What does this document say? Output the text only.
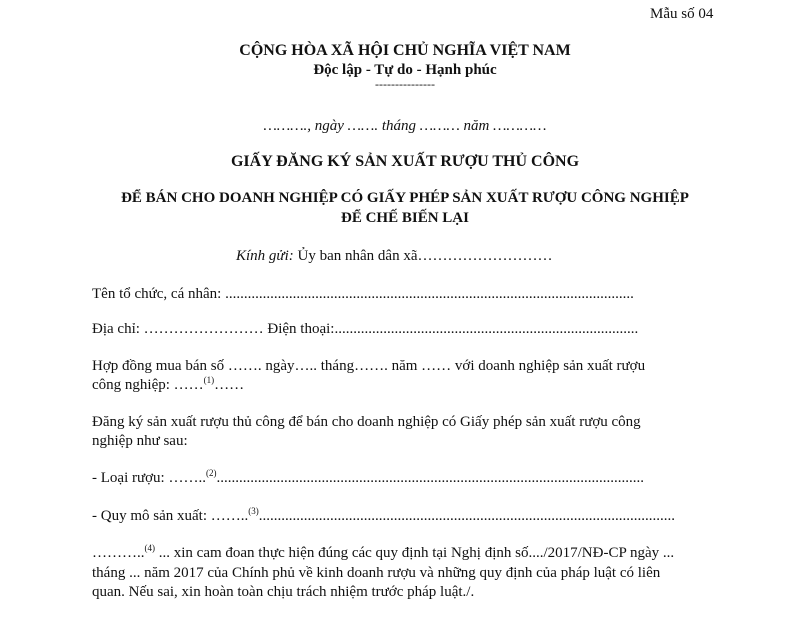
Mẫu số 04
CỘNG HÒA XÃ HỘI CHỦ NGHĨA VIỆT NAM
Độc lập - Tự do - Hạnh phúc
---------------
………., ngày ……. tháng ……… năm …………
GIẤY ĐĂNG KÝ SẢN XUẤT RƯỢU THỦ CÔNG
ĐỂ BÁN CHO DOANH NGHIỆP CÓ GIẤY PHÉP SẢN XUẤT RƯỢU CÔNG NGHIỆP
ĐỂ CHẾ BIẾN LẠI
Kính gửi: Ủy ban nhân dân xã………………………
Tên tổ chức, cá nhân: .............................................................................................................
Địa chỉ: …………………… Điện thoại:.................................................................................
Hợp đồng mua bán số ……. ngày….. tháng……. năm …… với doanh nghiệp sản xuất rượu
công nghiệp: ……$^{(1)}$……
Đăng ký sản xuất rượu thủ công để bán cho doanh nghiệp có Giấy phép sản xuất rượu công
nghiệp như sau:
- Loại rượu: ……..$^{(2)}$..................................................................................................................
- Quy mô sản xuất: ……..$^{(3)}$...............................................................................................................
………..$^{(4)}$ ... xin cam đoan thực hiện đúng các quy định tại Nghị định số..../2017/NĐ-CP ngày ...
tháng ... năm 2017 của Chính phủ về kinh doanh rượu và những quy định của pháp luật có liên
quan. Nếu sai, xin hoàn toàn chịu trách nhiệm trước pháp luật./.
